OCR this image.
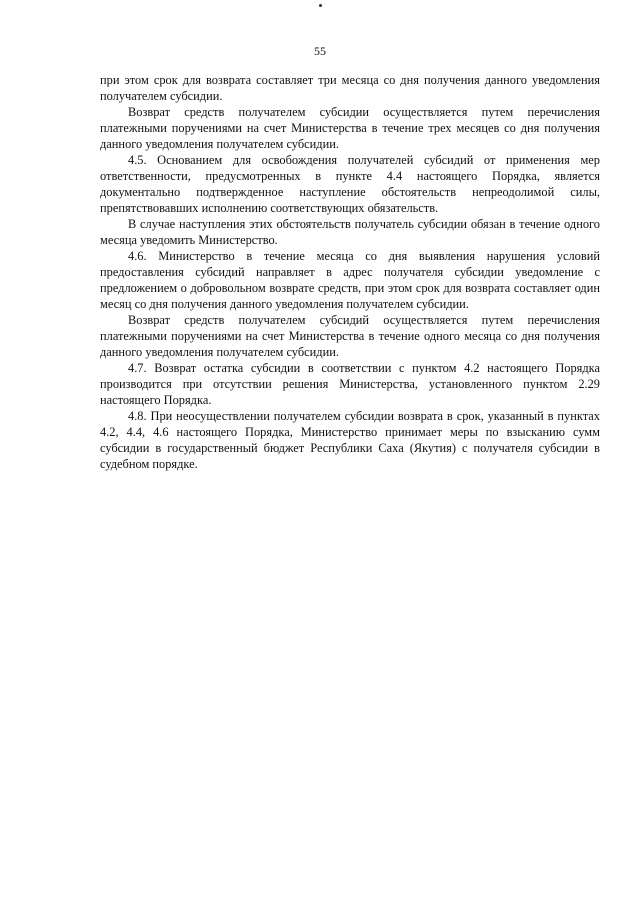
55

при этом срок для возврата составляет три месяца со дня получения данного уведомления получателем субсидии.

Возврат средств получателем субсидии осуществляется путем перечисления платежными поручениями на счет Министерства в течение трех месяцев со дня получения данного уведомления получателем субсидии.

4.5. Основанием для освобождения получателей субсидий от применения мер ответственности, предусмотренных в пункте 4.4 настоящего Порядка, является документально подтвержденное наступление обстоятельств непреодолимой силы, препятствовавших исполнению соответствующих обязательств.

В случае наступления этих обстоятельств получатель субсидии обязан в течение одного месяца уведомить Министерство.

4.6. Министерство в течение месяца со дня выявления нарушения условий предоставления субсидий направляет в адрес получателя субсидии уведомление с предложением о добровольном возврате средств, при этом срок для возврата составляет один месяц со дня получения данного уведомления получателем субсидии.

Возврат средств получателем субсидий осуществляется путем перечисления платежными поручениями на счет Министерства в течение одного месяца со дня получения данного уведомления получателем субсидии.

4.7. Возврат остатка субсидии в соответствии с пунктом 4.2 настоящего Порядка производится при отсутствии решения Министерства, установленного пунктом 2.29 настоящего Порядка.

4.8. При неосуществлении получателем субсидии возврата в срок, указанный в пунктах 4.2, 4.4, 4.6 настоящего Порядка, Министерство принимает меры по взысканию сумм субсидии в государственный бюджет Республики Саха (Якутия) с получателя субсидии в судебном порядке.
